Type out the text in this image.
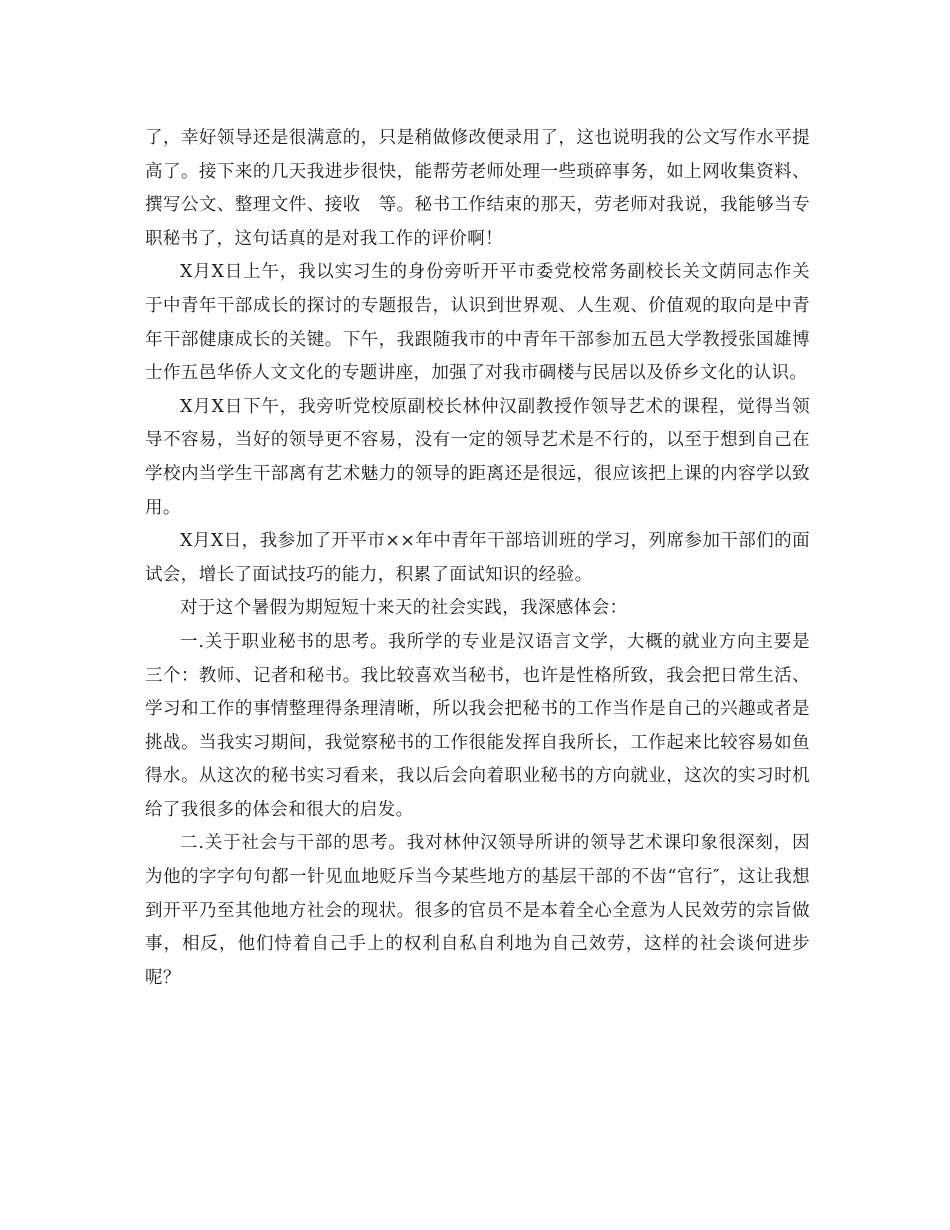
了，幸好领导还是很满意的，只是稍做修改便录用了，这也说明我的公文写作水平提高了。接下来的几天我进步很快，能帮劳老师处理一些琐碎事务，如上网收集资料、撰写公文、整理文件、接收　等。秘书工作结束的那天，劳老师对我说，我能够当专职秘书了，这句话真的是对我工作的评价啊！

X月X日上午，我以实习生的身份旁听开平市委党校常务副校长关文荫同志作关于中青年干部成长的探讨的专题报告，认识到世界观、人生观、价值观的取向是中青年干部健康成长的关键。下午，我跟随我市的中青年干部参加五邑大学教授张国雄博士作五邑华侨人文文化的专题讲座，加强了对我市碉楼与民居以及侨乡文化的认识。

X月X日下午，我旁听党校原副校长林仲汉副教授作领导艺术的课程，觉得当领导不容易，当好的领导更不容易，没有一定的领导艺术是不行的，以至于想到自己在学校内当学生干部离有艺术魅力的领导的距离还是很远，很应该把上课的内容学以致用。

X月X日，我参加了开平市××年中青年干部培训班的学习，列席参加干部们的面试会，增长了面试技巧的能力，积累了面试知识的经验。

对于这个暑假为期短短十来天的社会实践，我深感体会：

一.关于职业秘书的思考。我所学的专业是汉语言文学，大概的就业方向主要是三个：教师、记者和秘书。我比较喜欢当秘书，也许是性格所致，我会把日常生活、学习和工作的事情整理得条理清晰，所以我会把秘书的工作当作是自己的兴趣或者是挑战。当我实习期间，我觉察秘书的工作很能发挥自我所长，工作起来比较容易如鱼得水。从这次的秘书实习看来，我以后会向着职业秘书的方向就业，这次的实习时机给了我很多的体会和很大的启发。

二.关于社会与干部的思考。我对林仲汉领导所讲的领导艺术课印象很深刻，因为他的字字句句都一针见血地贬斥当今某些地方的基层干部的不齿“官行″，这让我想到开平乃至其他地方社会的现状。很多的官员不是本着全心全意为人民效劳的宗旨做事，相反，他们恃着自己手上的权利自私自利地为自己效劳，这样的社会谈何进步呢？
